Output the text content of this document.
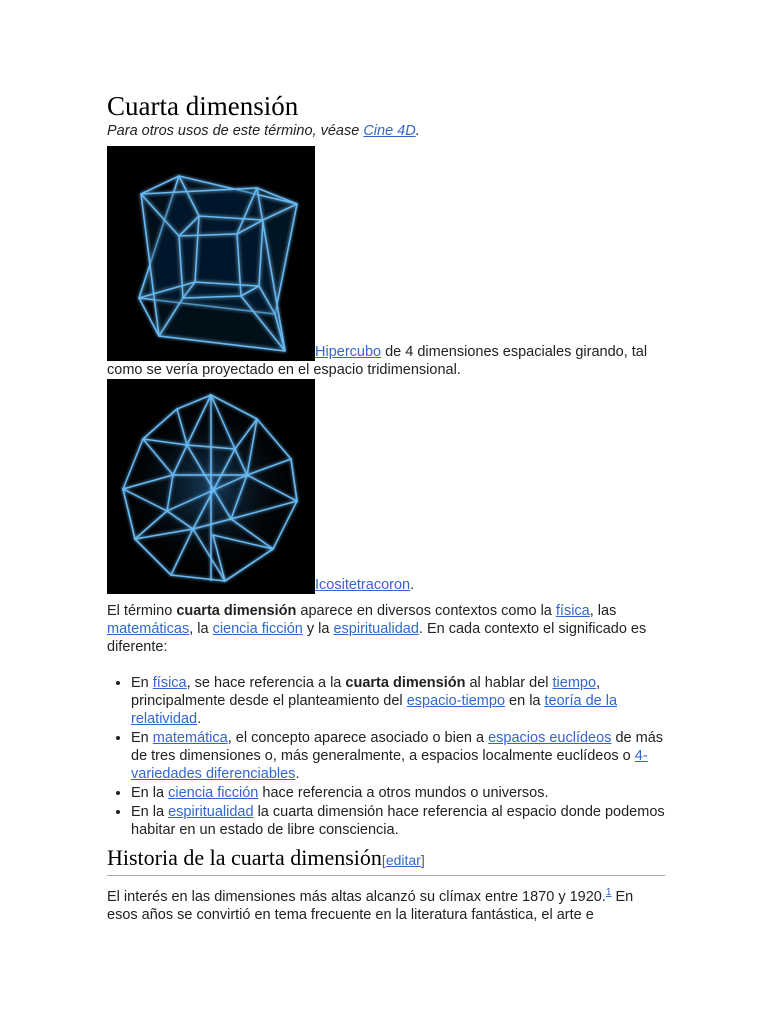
Cuarta dimensión

Para otros usos de este término, véase Cine 4D.

Hipercubo de 4 dimensiones espaciales girando, tal como se vería proyectado en el espacio tridimensional.

Icositetracoron.

El término cuarta dimensión aparece en diversos contextos como la física, las matemáticas, la ciencia ficción y la espiritualidad. En cada contexto el significado es diferente:

• En física, se hace referencia a la cuarta dimensión al hablar del tiempo, principalmente desde el planteamiento del espacio-tiempo en la teoría de la relatividad.
• En matemática, el concepto aparece asociado o bien a espacios euclídeos de más de tres dimensiones o, más generalmente, a espacios localmente euclídeos o 4-variedades diferenciables.
• En la ciencia ficción hace referencia a otros mundos o universos.
• En la espiritualidad la cuarta dimensión hace referencia al espacio donde podemos habitar en un estado de libre consciencia.
Historia de la cuarta dimensión[editar]

El interés en las dimensiones más altas alcanzó su clímax entre 1870 y 1920.$^1$ En esos años se convirtió en tema frecuente en la literatura fantástica, el arte e
